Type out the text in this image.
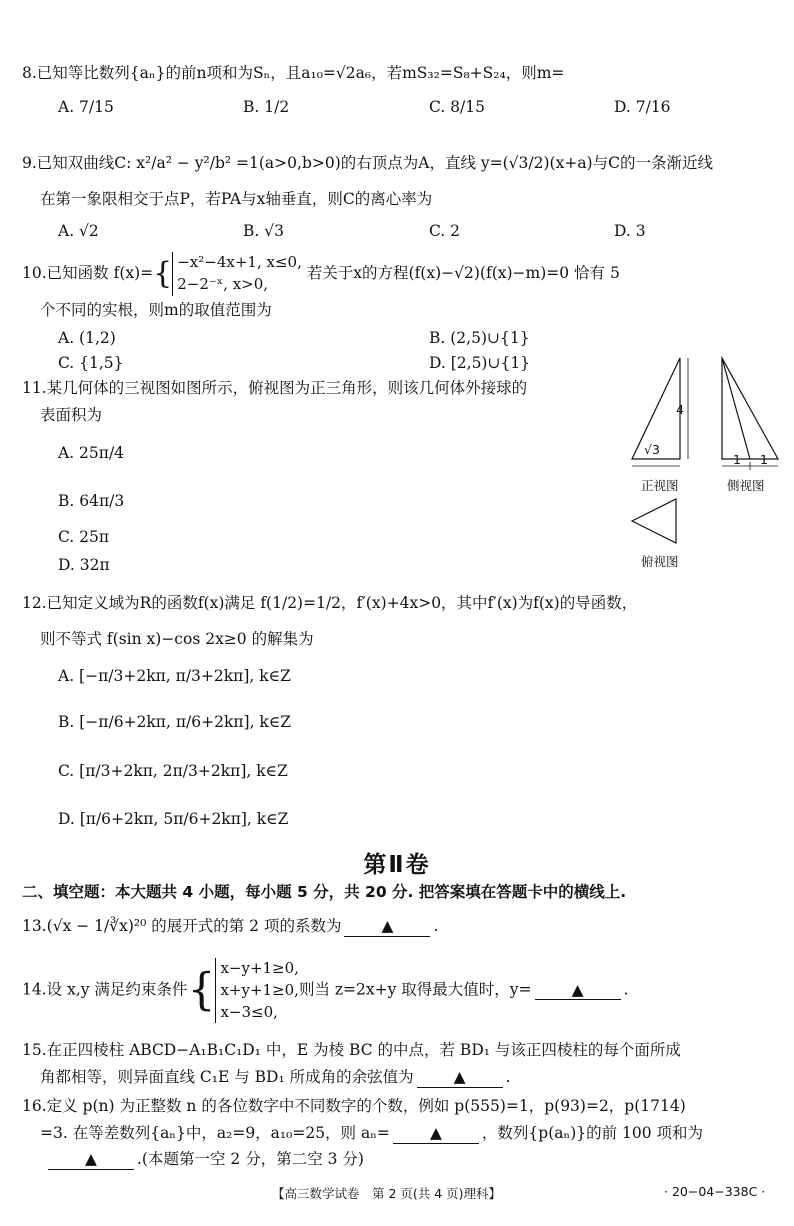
8.已知等比数列{aₙ}的前n项和为Sₙ，且a₁₀=√2a₆，若mS₃₂=S₈+S₂₄，则m=
A. 7/15	B. 1/2	C. 8/15	D. 7/16
9.已知双曲线C: x²/a² − y²/b² =1(a>0,b>0)的右顶点为A，直线 y=(√3/2)(x+a)与C的一条渐近线
在第一象限相交于点P，若PA与x轴垂直，则C的离心率为
A. √2	B. √3	C. 2	D. 3
10.已知函数 f(x)={ −x²−4x+1, x≤0,
2−2⁻ˣ, x>0,
若关于x的方程(f(x)−√2)(f(x)−m)=0 恰有 5
个不同的实根，则m的取值范围为
A. (1,2)	B. (2,5)∪{1}
C. {1,5}	D. [2,5)∪{1}
11.某几何体的三视图如图所示，俯视图为正三角形，则该几何体外接球的
表面积为
A. 25π/4
B. 64π/3
C. 25π
D. 32π
4
√3
正视图
1 1
侧视图
俯视图
12.已知定义域为R的函数f(x)满足 f(1/2)=1/2，f′(x)+4x>0，其中f′(x)为f(x)的导函数，
则不等式 f(sin x)−cos 2x≥0 的解集为
A. [−π/3+2kπ, π/3+2kπ], k∈Z
B. [−π/6+2kπ, π/6+2kπ], k∈Z
C. [π/3+2kπ, 2π/3+2kπ], k∈Z
D. [π/6+2kπ, 5π/6+2kπ], k∈Z
第Ⅱ卷
二、填空题：本大题共 4 小题，每小题 5 分，共 20 分. 把答案填在答题卡中的横线上.
13.(√x − 1/∛x)²⁰ 的展开式的第 2 项的系数为	▲	.
14.设 x,y 满足约束条件{ x−y+1≥0,
x+y+1≥0,
x−3≤0,
则当 z=2x+y 取得最大值时，y=	▲	.
15.在正四棱柱 ABCD−A₁B₁C₁D₁ 中，E 为棱 BC 的中点，若 BD₁ 与该正四棱柱的每个面所成
角都相等，则异面直线 C₁E 与 BD₁ 所成角的余弦值为	▲	.
16.定义 p(n) 为正整数 n 的各位数字中不同数字的个数，例如 p(555)=1，p(93)=2，p(1714)
=3. 在等差数列{aₙ}中，a₂=9，a₁₀=25，则 aₙ=	▲	，数列{p(aₙ)}的前 100 项和为
▲	.(本题第一空 2 分，第二空 3 分)
【高三数学试卷　第 2 页(共 4 页)理科】	· 20−04−338C ·
